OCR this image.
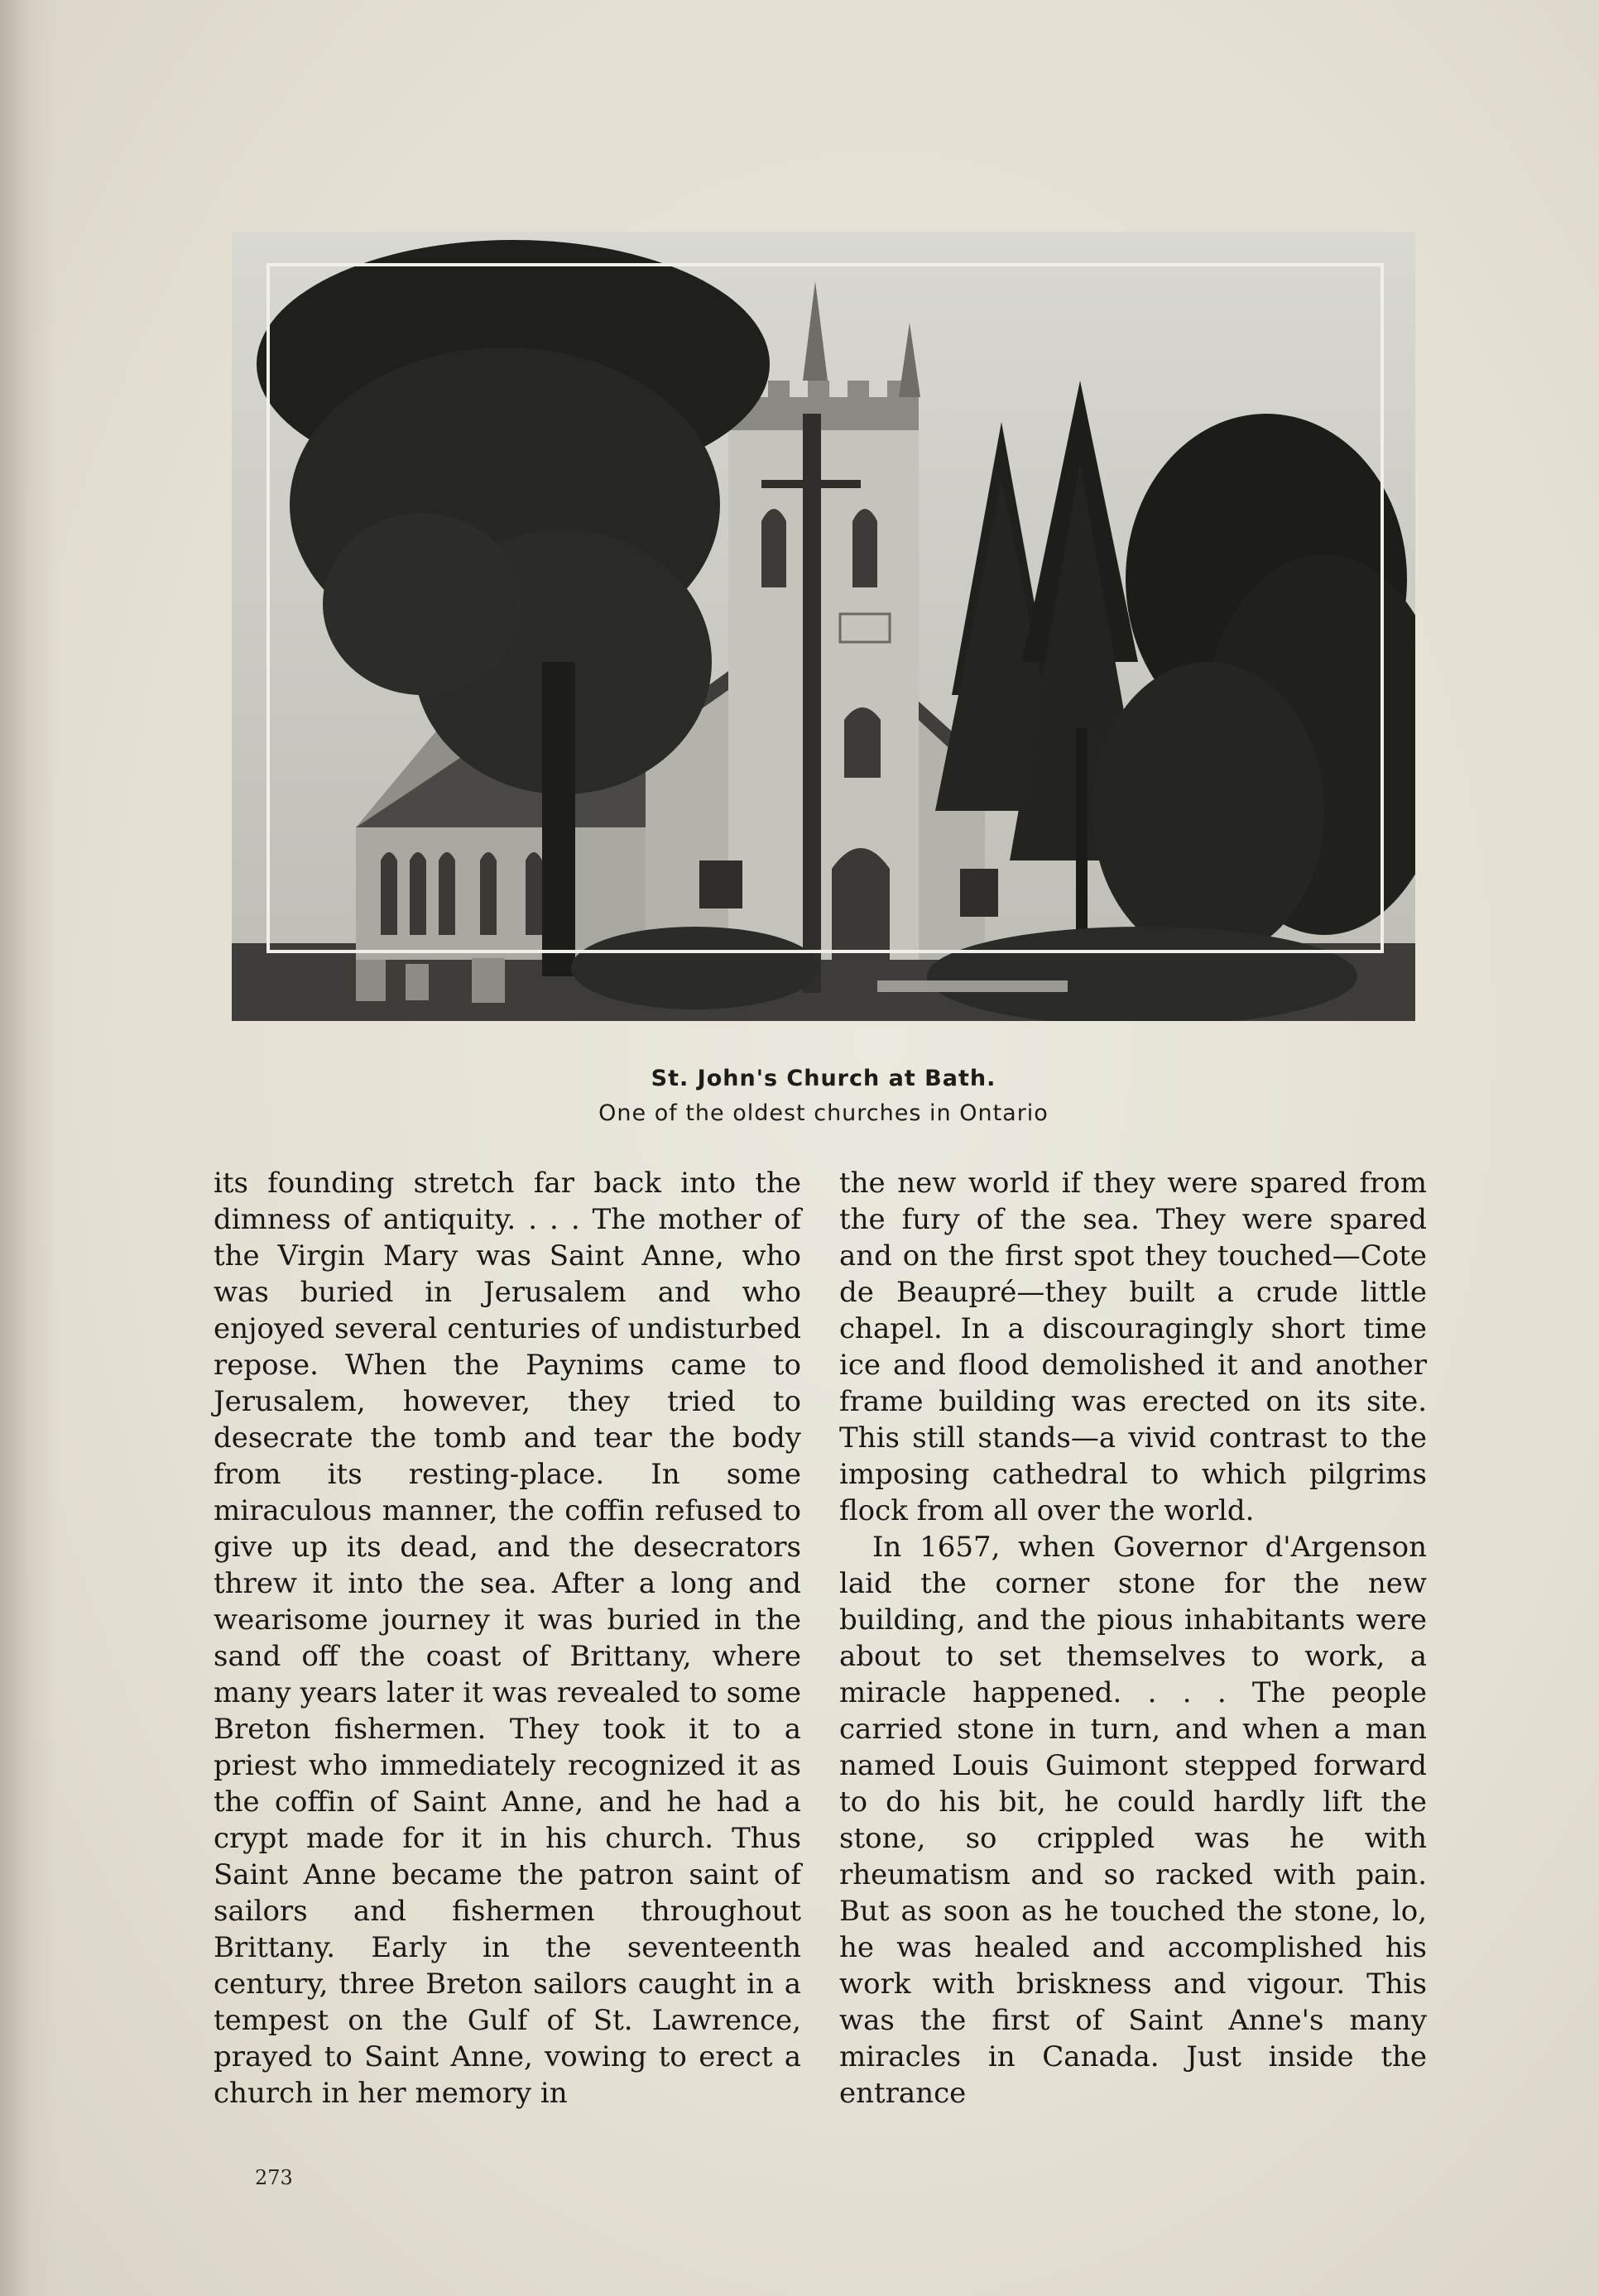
St. John's Church at Bath.
One of the oldest churches in Ontario

its founding stretch far back into the dimness of antiquity. . . . The mother of the Virgin Mary was Saint Anne, who was buried in Jerusalem and who enjoyed several centuries of undisturbed repose. When the Paynims came to Jerusalem, however, they tried to desecrate the tomb and tear the body from its resting-place. In some miraculous manner, the coffin refused to give up its dead, and the desecrators threw it into the sea. After a long and wearisome journey it was buried in the sand off the coast of Brittany, where many years later it was revealed to some Breton fishermen. They took it to a priest who immediately recognized it as the coffin of Saint Anne, and he had a crypt made for it in his church. Thus Saint Anne became the patron saint of sailors and fishermen throughout Brittany. Early in the seventeenth century, three Breton sailors caught in a tempest on the Gulf of St. Lawrence, prayed to Saint Anne, vowing to erect a church in her memory in

the new world if they were spared from the fury of the sea. They were spared and on the first spot they touched—Cote de Beaupré—they built a crude little chapel. In a discouragingly short time ice and flood demolished it and another frame building was erected on its site. This still stands—a vivid contrast to the imposing cathedral to which pilgrims flock from all over the world.

In 1657, when Governor d'Argenson laid the corner stone for the new building, and the pious inhabitants were about to set themselves to work, a miracle happened. . . . The people carried stone in turn, and when a man named Louis Guimont stepped forward to do his bit, he could hardly lift the stone, so crippled was he with rheumatism and so racked with pain. But as soon as he touched the stone, lo, he was healed and accomplished his work with briskness and vigour. This was the first of Saint Anne's many miracles in Canada. Just inside the entrance

273
